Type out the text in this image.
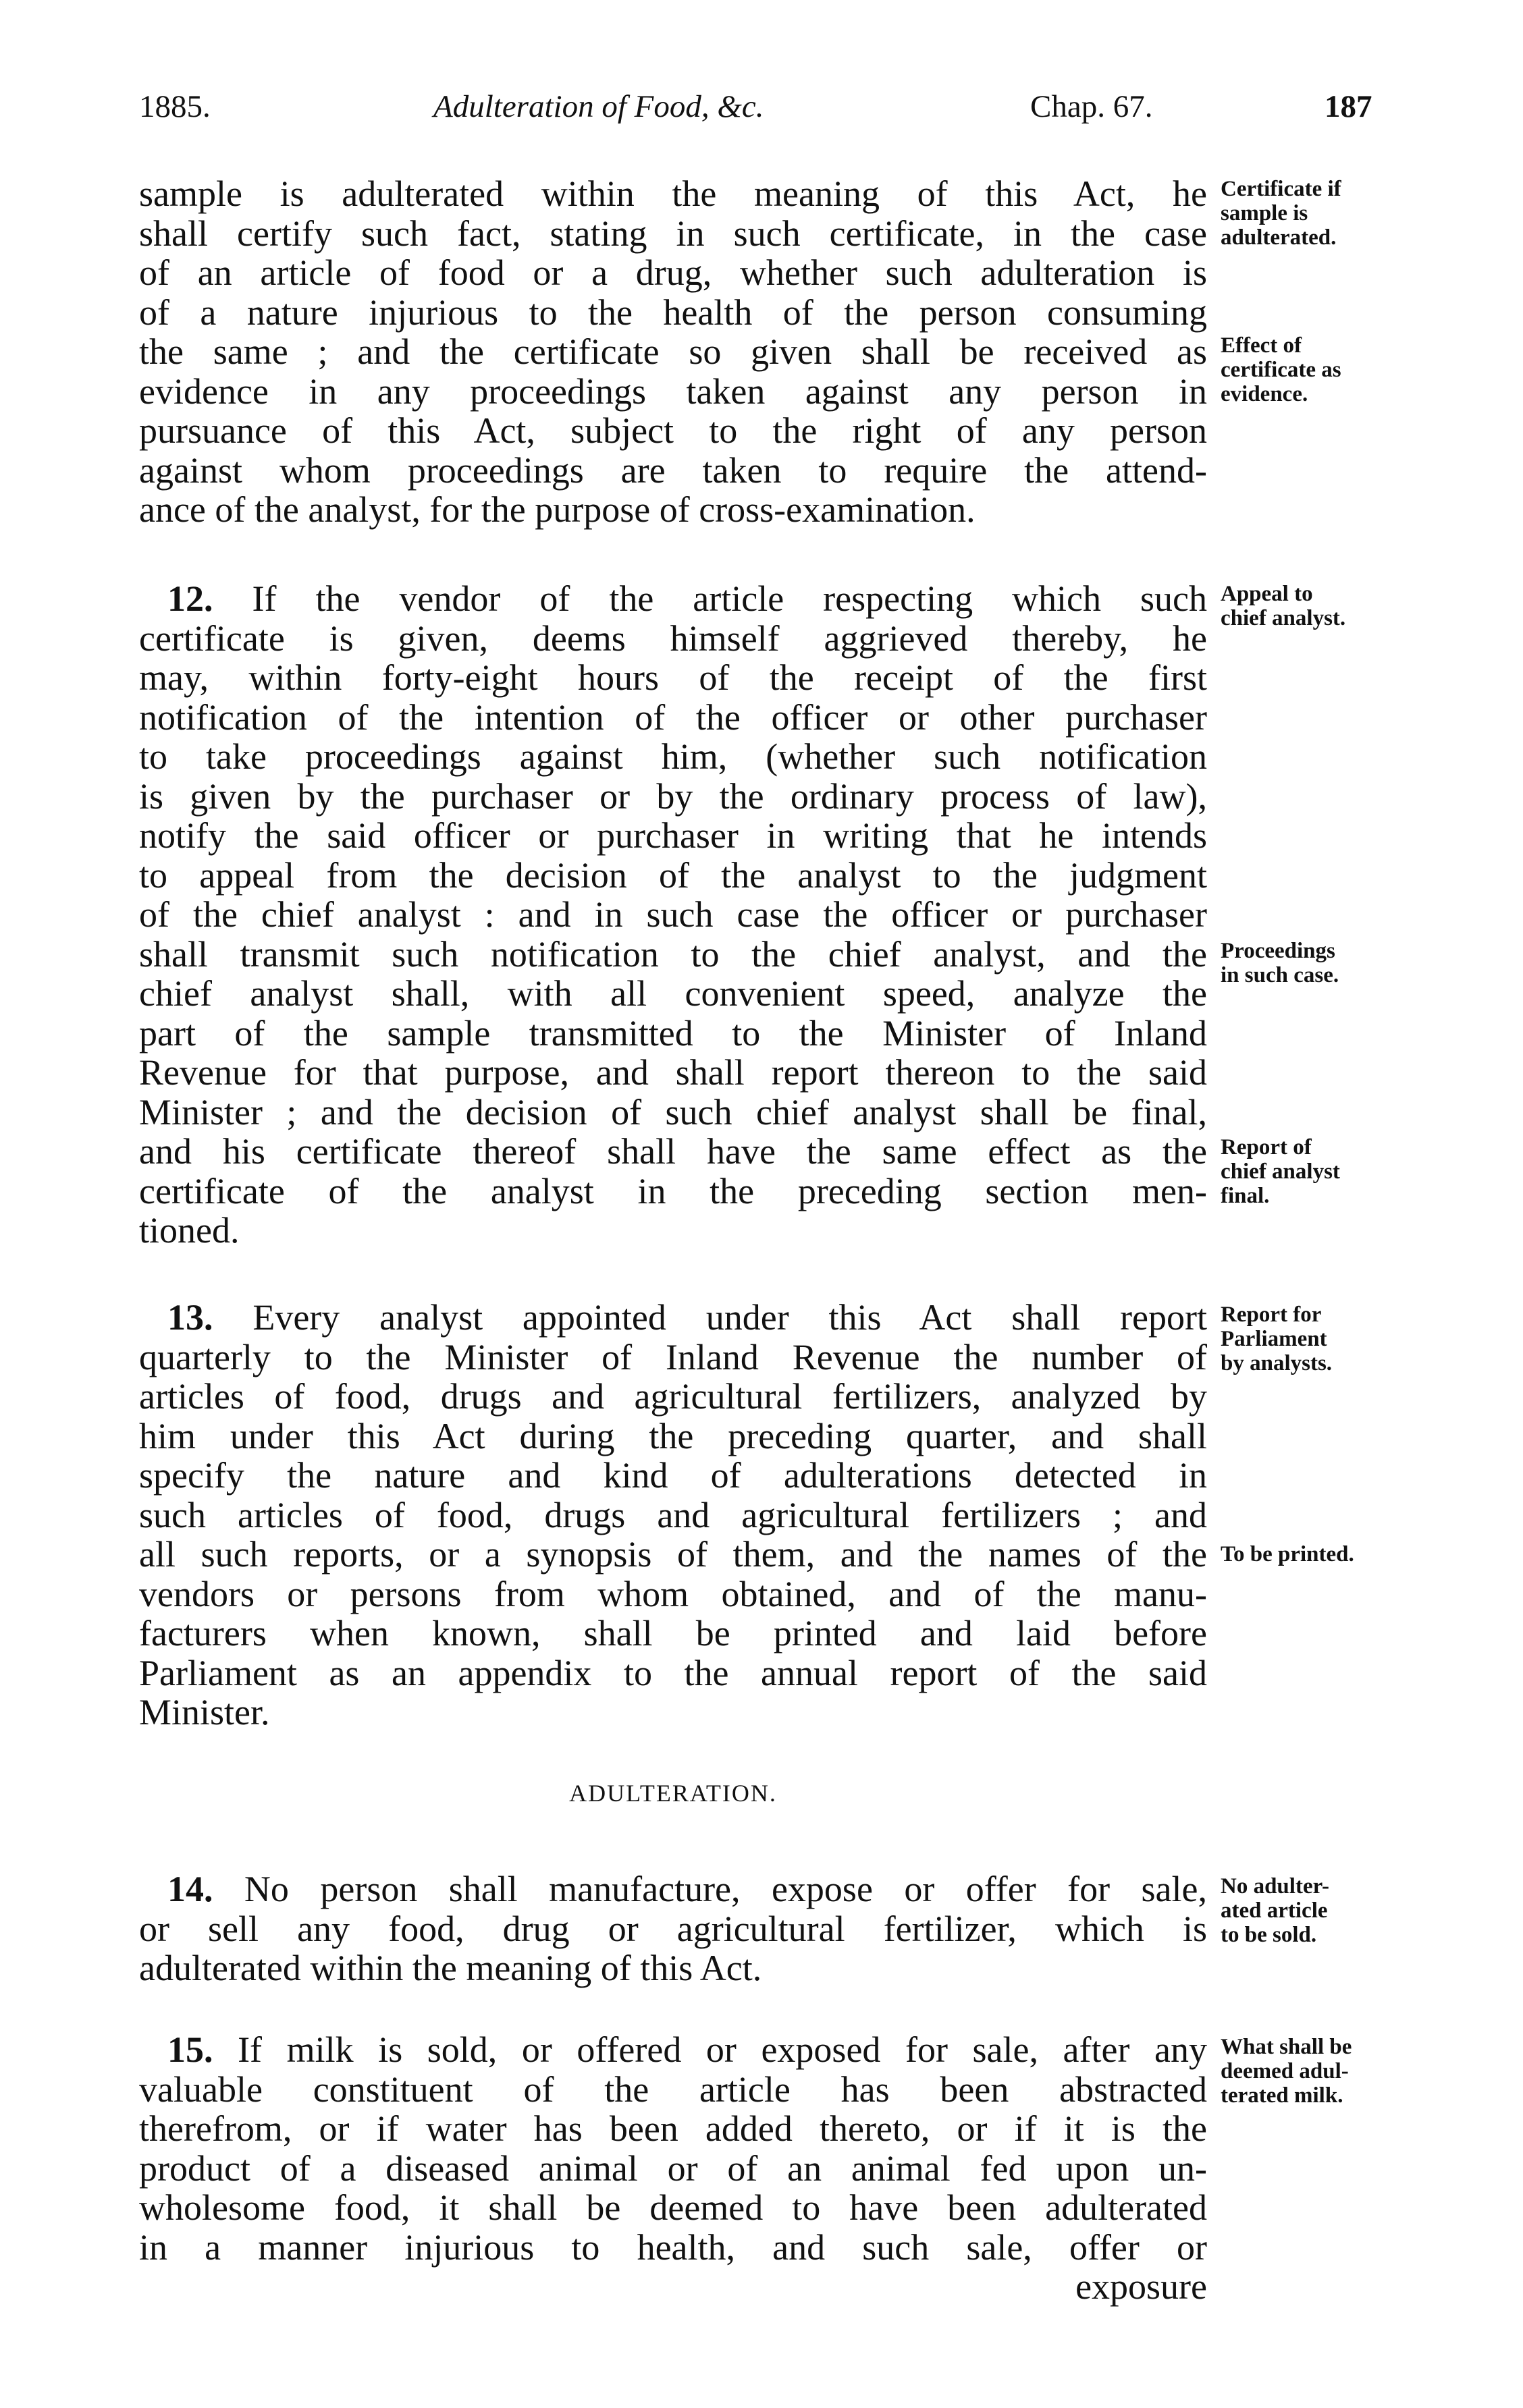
1885.	Adulteration of Food, &c.	Chap. 67.	187

sample is adulterated within the meaning of this Act, he

shall certify such fact, stating in such certificate, in the case

of an article of food or a drug, whether such adulteration is

of a nature injurious to the health of the person consuming

the same ; and the certificate so given shall be received as

evidence in any proceedings taken against any person in

pursuance of this Act, subject to the right of any person

against whom proceedings are taken to require the attend-

ance of the analyst, for the purpose of cross-examination.

12. If the vendor of the article respecting which such

certificate is given, deems himself aggrieved thereby, he

may, within forty-eight hours of the receipt of the first

notification of the intention of the officer or other purchaser

to take proceedings against him, (whether such notification

is given by the purchaser or by the ordinary process of law),

notify the said officer or purchaser in writing that he intends

to appeal from the decision of the analyst to the judgment

of the chief analyst : and in such case the officer or purchaser

shall transmit such notification to the chief analyst, and the

chief analyst shall, with all convenient speed, analyze the

part of the sample transmitted to the Minister of Inland

Revenue for that purpose, and shall report thereon to the said

Minister ; and the decision of such chief analyst shall be final,

and his certificate thereof shall have the same effect as the

certificate of the analyst in the preceding section men-

tioned.

13. Every analyst appointed under this Act shall report

quarterly to the Minister of Inland Revenue the number of

articles of food, drugs and agricultural fertilizers, analyzed by

him under this Act during the preceding quarter, and shall

specify the nature and kind of adulterations detected in

such articles of food, drugs and agricultural fertilizers ; and

all such reports, or a synopsis of them, and the names of the

vendors or persons from whom obtained, and of the manu-

facturers when known, shall be printed and laid before

Parliament as an appendix to the annual report of the said

Minister.

ADULTERATION.

14. No person shall manufacture, expose or offer for sale,

or sell any food, drug or agricultural fertilizer, which is

adulterated within the meaning of this Act.

15. If milk is sold, or offered or exposed for sale, after any

valuable constituent of the article has been abstracted

therefrom, or if water has been added thereto, or if it is the

product of a diseased animal or of an animal fed upon un-

wholesome food, it shall be deemed to have been adulterated

in a manner injurious to health, and such sale, offer or

exposure

Certificate if
sample is
adulterated.
Effect of
certificate as
evidence.
Appeal to
chief analyst.
Proceedings
in such case.
Report of
chief analyst
final.
Report for
Parliament
by analysts.
To be printed.
No adulter-
ated article
to be sold.
What shall be
deemed adul-
terated milk.
